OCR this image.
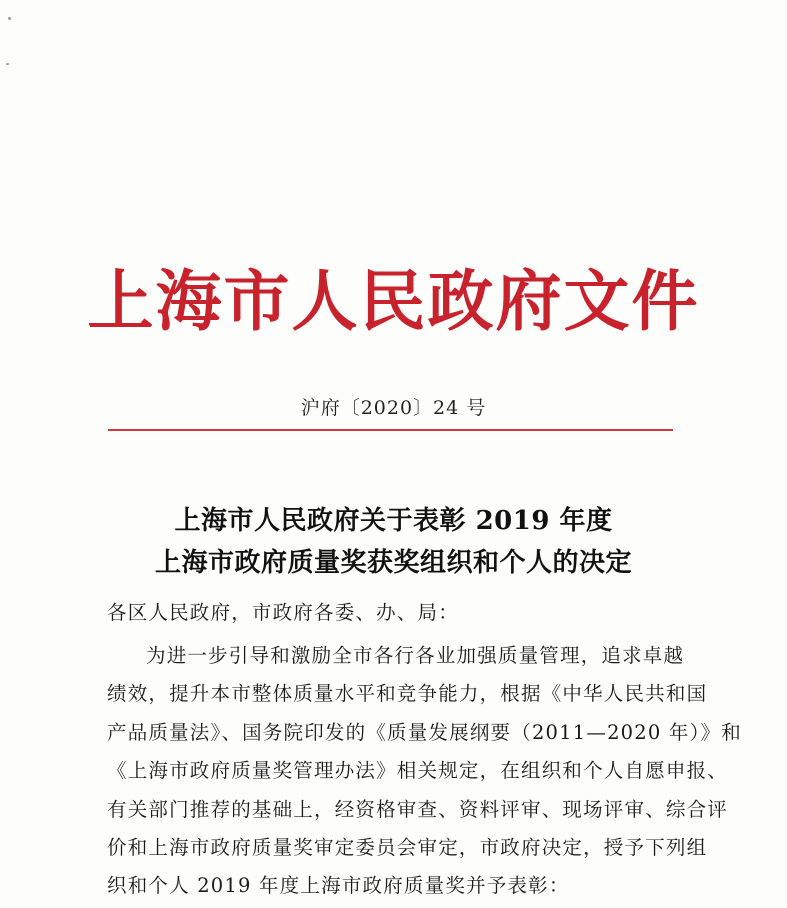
上海市人民政府文件
沪府〔2020〕24 号
上海市人民政府关于表彰 2019 年度
上海市政府质量奖获奖组织和个人的决定
各区人民政府，市政府各委、办、局：
为进一步引导和激励全市各行各业加强质量管理，追求卓越
绩效，提升本市整体质量水平和竞争能力，根据《中华人民共和国
产品质量法》、国务院印发的《质量发展纲要（2011—2020 年）》和
《上海市政府质量奖管理办法》相关规定，在组织和个人自愿申报、
有关部门推荐的基础上，经资格审查、资料评审、现场评审、综合评
价和上海市政府质量奖审定委员会审定，市政府决定，授予下列组
织和个人 2019 年度上海市政府质量奖并予表彰：
